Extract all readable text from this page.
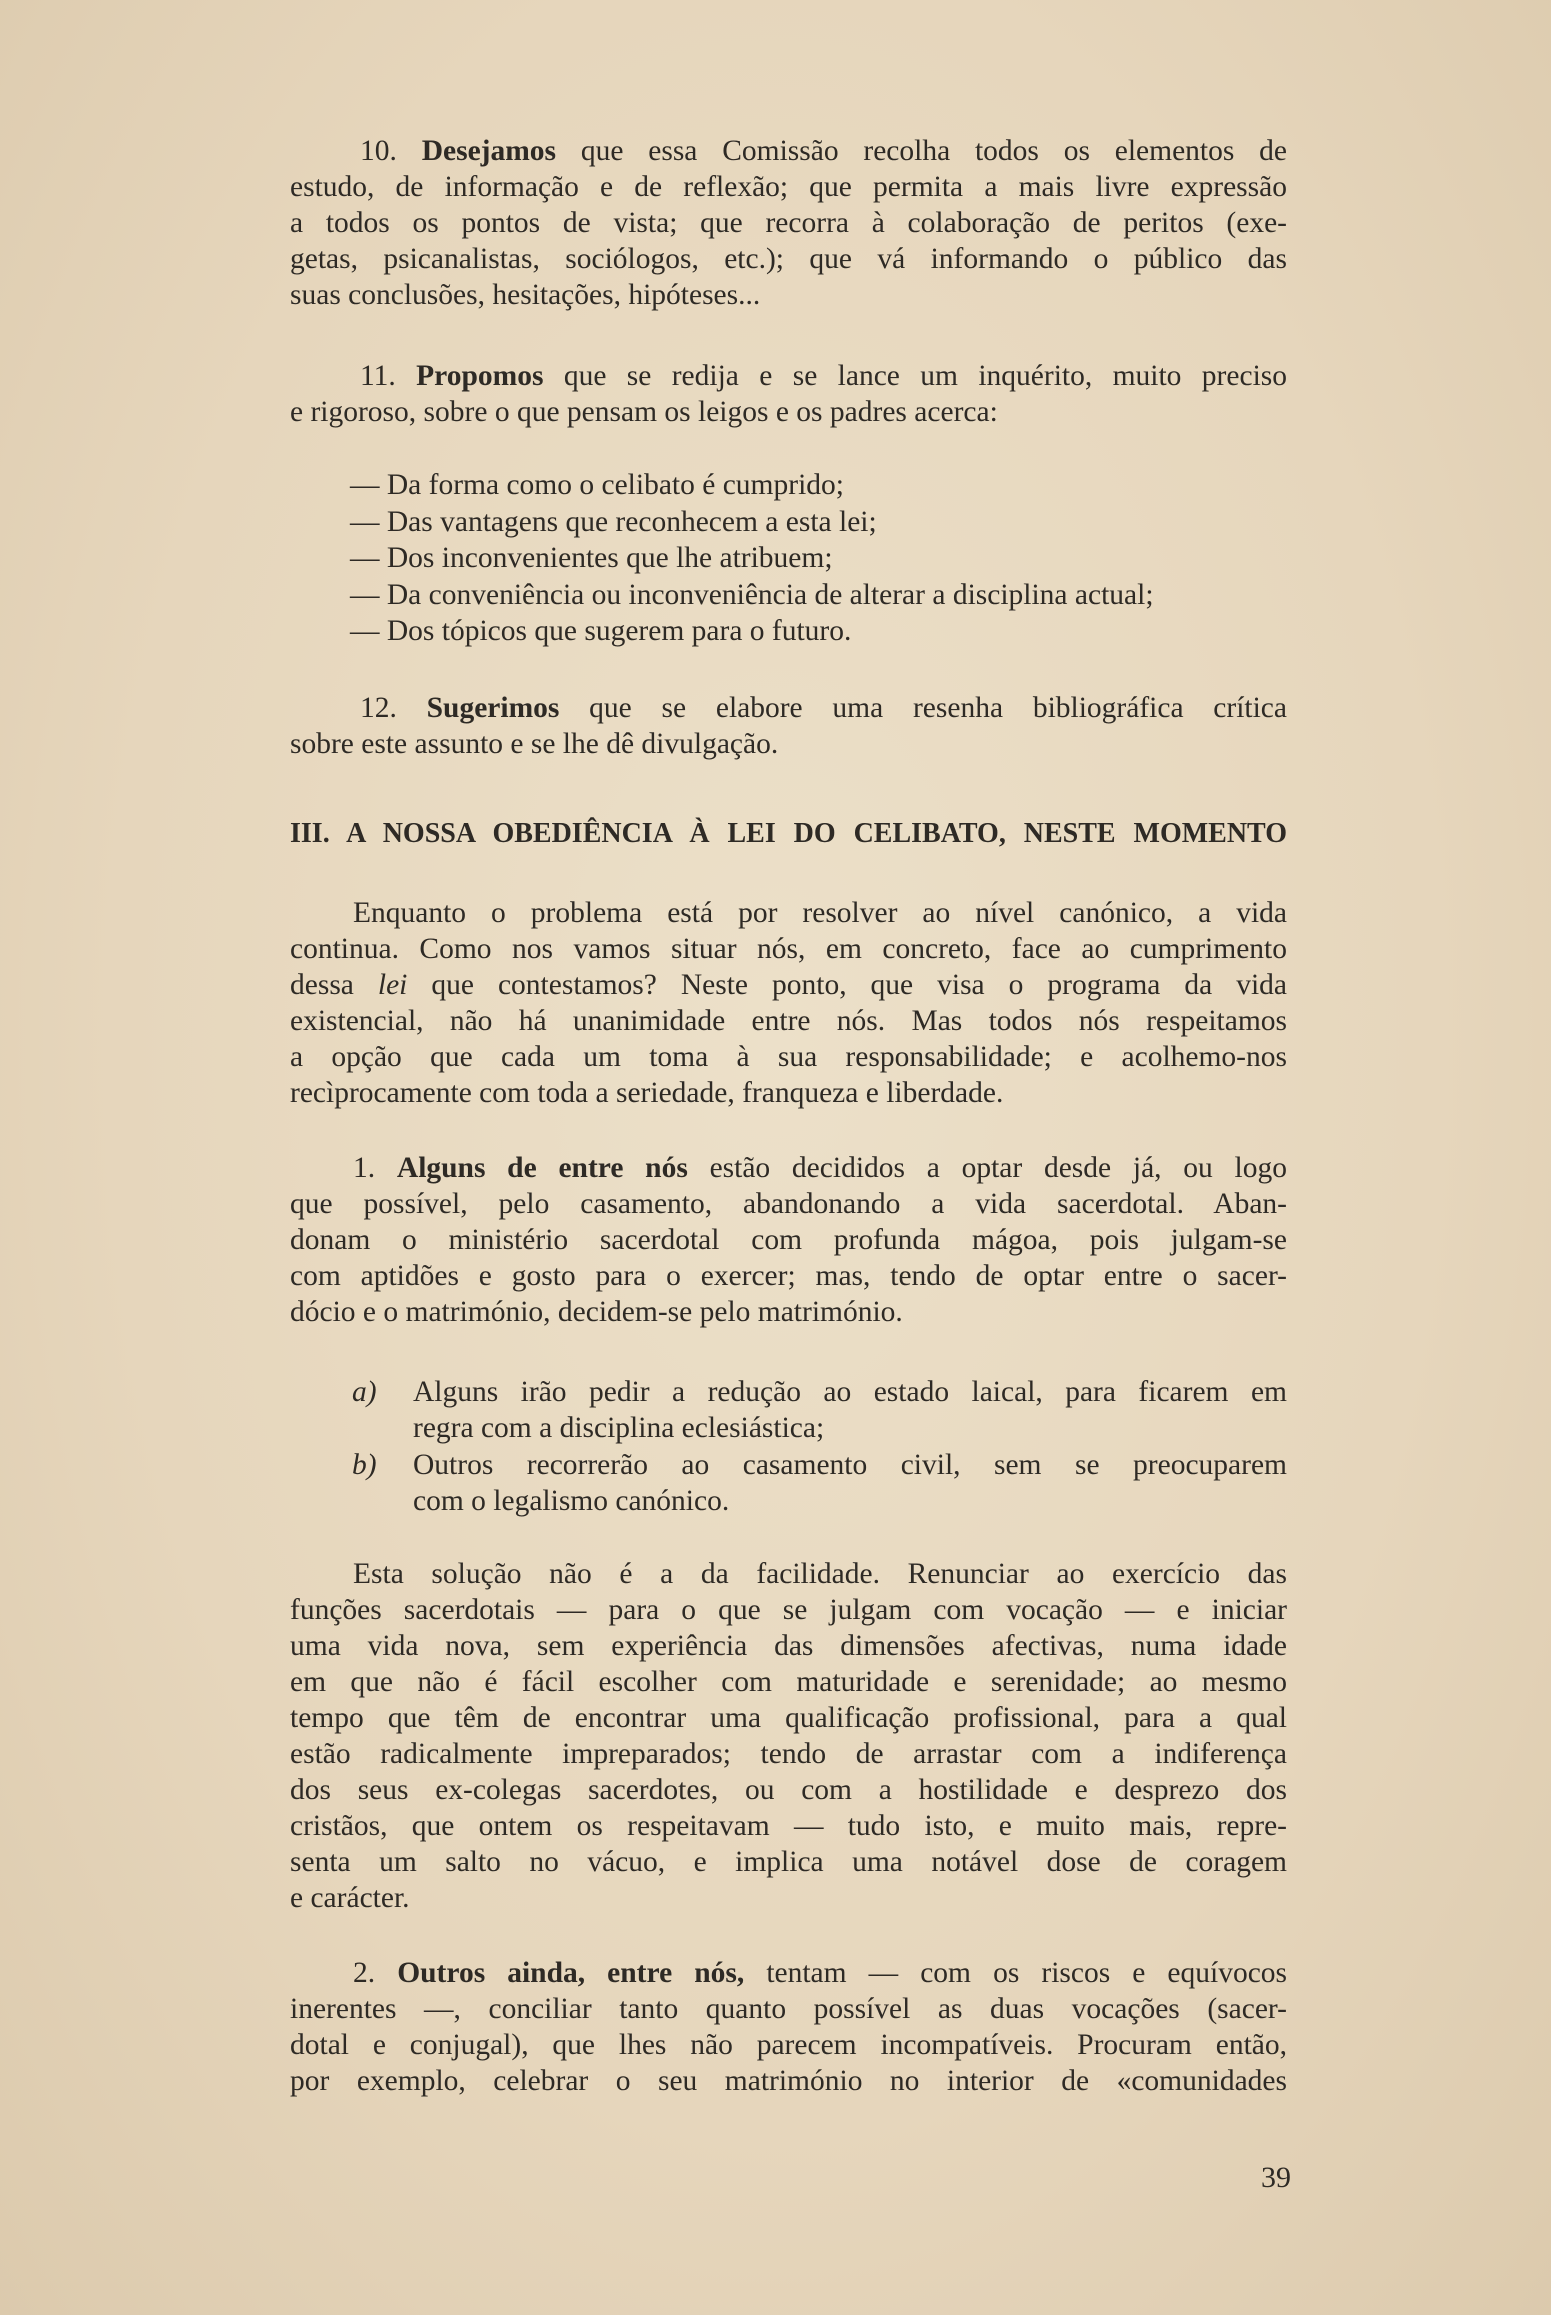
10. Desejamos que essa Comissão recolha todos os elementos de
estudo, de informação e de reflexão; que permita a mais livre expressão
a todos os pontos de vista; que recorra à colaboração de peritos (exe-
getas, psicanalistas, sociólogos, etc.); que vá informando o público das
suas conclusões, hesitações, hipóteses...
11. Propomos que se redija e se lance um inquérito, muito preciso
e rigoroso, sobre o que pensam os leigos e os padres acerca:
— Da forma como o celibato é cumprido;
— Das vantagens que reconhecem a esta lei;
— Dos inconvenientes que lhe atribuem;
— Da conveniência ou inconveniência de alterar a disciplina actual;
— Dos tópicos que sugerem para o futuro.
12. Sugerimos que se elabore uma resenha bibliográfica crítica
sobre este assunto e se lhe dê divulgação.
III. A NOSSA OBEDIÊNCIA À LEI DO CELIBATO, NESTE MOMENTO
Enquanto o problema está por resolver ao nível canónico, a vida
continua. Como nos vamos situar nós, em concreto, face ao cumprimento
dessa lei que contestamos? Neste ponto, que visa o programa da vida
existencial, não há unanimidade entre nós. Mas todos nós respeitamos
a opção que cada um toma à sua responsabilidade; e acolhemo-nos
recìprocamente com toda a seriedade, franqueza e liberdade.
1. Alguns de entre nós estão decididos a optar desde já, ou logo
que possível, pelo casamento, abandonando a vida sacerdotal. Aban-
donam o ministério sacerdotal com profunda mágoa, pois julgam-se
com aptidões e gosto para o exercer; mas, tendo de optar entre o sacer-
dócio e o matrimónio, decidem-se pelo matrimónio.
a) Alguns irão pedir a redução ao estado laical, para ficarem em
regra com a disciplina eclesiástica;
b) Outros recorrerão ao casamento civil, sem se preocuparem
com o legalismo canónico.
Esta solução não é a da facilidade. Renunciar ao exercício das
funções sacerdotais — para o que se julgam com vocação — e iniciar
uma vida nova, sem experiência das dimensões afectivas, numa idade
em que não é fácil escolher com maturidade e serenidade; ao mesmo
tempo que têm de encontrar uma qualificação profissional, para a qual
estão radicalmente impreparados; tendo de arrastar com a indiferença
dos seus ex-colegas sacerdotes, ou com a hostilidade e desprezo dos
cristãos, que ontem os respeitavam — tudo isto, e muito mais, repre-
senta um salto no vácuo, e implica uma notável dose de coragem
e carácter.
2. Outros ainda, entre nós, tentam — com os riscos e equívocos
inerentes —, conciliar tanto quanto possível as duas vocações (sacer-
dotal e conjugal), que lhes não parecem incompatíveis. Procuram então,
por exemplo, celebrar o seu matrimónio no interior de «comunidades
39
